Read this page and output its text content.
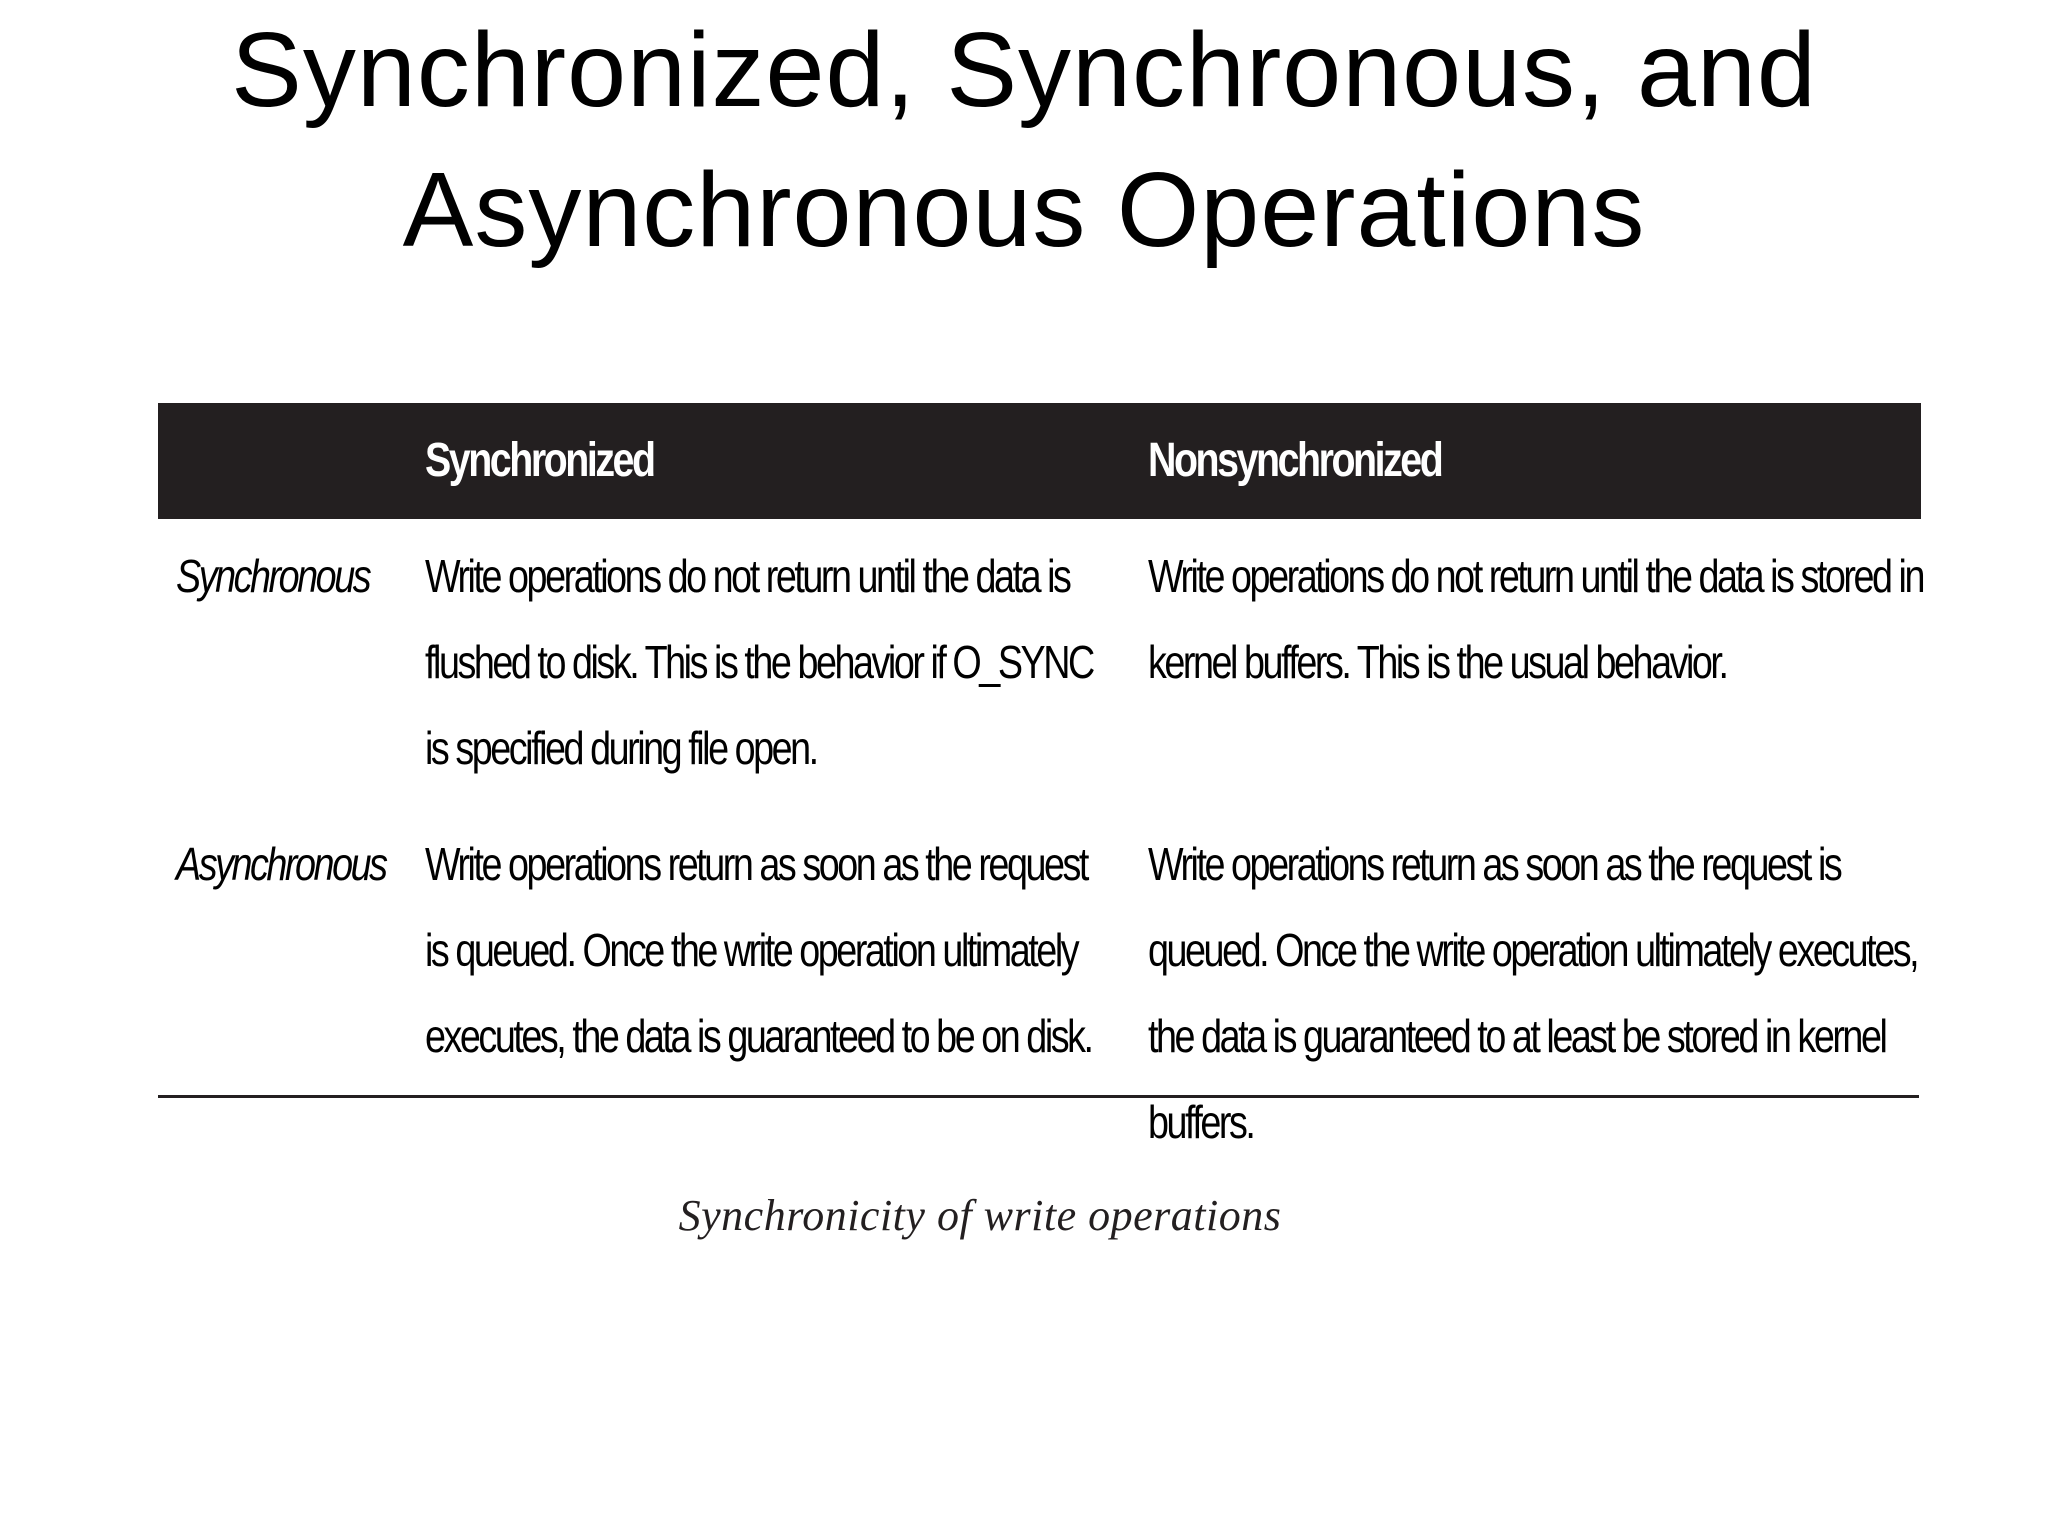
Synchronized, Synchronous, and
Asynchronous Operations
Synchronized	Nonsynchronized
Synchronous Write operations do not return until the data is flushed to disk. This is the behavior if O_SYNC is specified during file open.
Write operations do not return until the data is stored in kernel buffers. This is the usual behavior.
Asynchronous Write operations return as soon as the request is queued. Once the write operation ultimately executes, the data is guaranteed to be on disk.
Write operations return as soon as the request is queued. Once the write operation ultimately executes, the data is guaranteed to at least be stored in kernel buffers.
Synchronicity of write operations
